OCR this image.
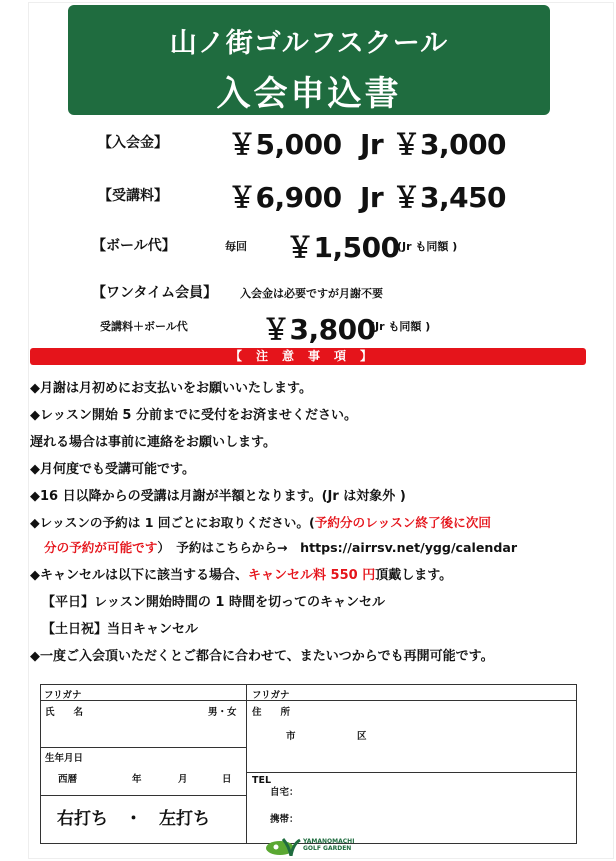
山ノ街ゴルフスクール
入会申込書
【入会金】 ￥5,000 Jr ￥3,000
【受講料】 ￥6,900 Jr ￥3,450
【ボール代】	毎回 ￥1,500
(Jr も同額 )
【ワンタイム会員】 入会金は必要ですが月謝不要
受講料＋ボール代	￥3,800
(Jr も同額 )
【注意事項】
◆月謝は月初めにお支払いをお願いいたします。
◆レッスン開始 5 分前までに受付をお済ませください。
遅れる場合は事前に連絡をお願いします。
◆月何度でも受講可能です。
◆16 日以降からの受講は月謝が半額となります。(Jr は対象外 )
◆レッスンの予約は 1 回ごとにお取りください。(予約分のレッスン終了後に次回
分の予約が可能です）　予約はこちらから→　https://airrsv.net/ygg/calendar
◆キャンセルは以下に該当する場合、キャンセル料 550 円頂戴します。
【平日】レッスン開始時間の 1 時間を切ってのキャンセル
【土日祝】当日キャンセル
◆一度ご入会頂いただくとご都合に合わせて、またいつからでも再開可能です。
フリガナ
氏　　名	男・女
生年月日
西暦	年	月	日
右打ち　・　左打ち
フリガナ
住　　所
市	区
TEL
自宅：
携帯：
YAMANOMACHI
GOLF GARDEN
